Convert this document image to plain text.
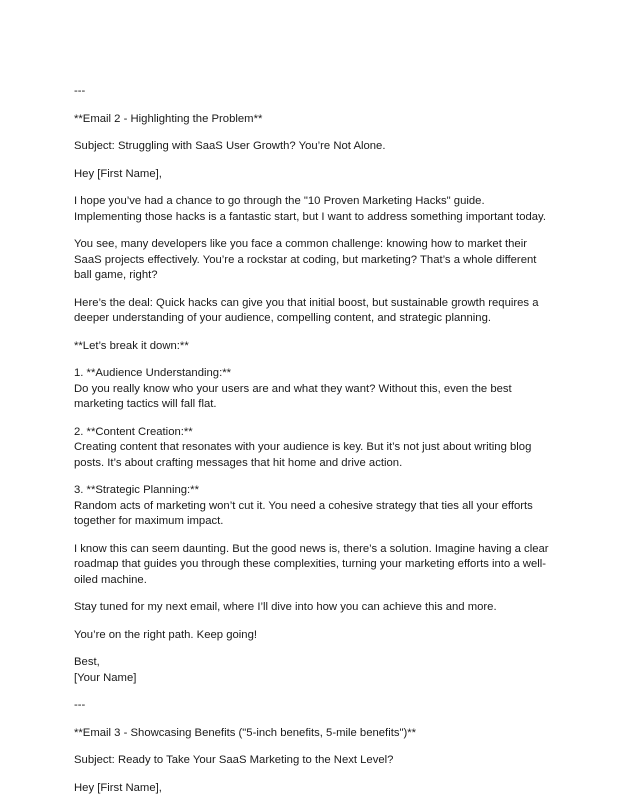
---

**Email 2 - Highlighting the Problem**

Subject: Struggling with SaaS User Growth? You’re Not Alone.

Hey [First Name],

I hope you’ve had a chance to go through the "10 Proven Marketing Hacks" guide.
Implementing those hacks is a fantastic start, but I want to address something important today.

You see, many developers like you face a common challenge: knowing how to market their
SaaS projects effectively. You’re a rockstar at coding, but marketing? That’s a whole different
ball game, right?

Here’s the deal: Quick hacks can give you that initial boost, but sustainable growth requires a
deeper understanding of your audience, compelling content, and strategic planning.

**Let’s break it down:**

1. **Audience Understanding:**
Do you really know who your users are and what they want? Without this, even the best
marketing tactics will fall flat.

2. **Content Creation:**
Creating content that resonates with your audience is key. But it’s not just about writing blog
posts. It’s about crafting messages that hit home and drive action.

3. **Strategic Planning:**
Random acts of marketing won’t cut it. You need a cohesive strategy that ties all your efforts
together for maximum impact.

I know this can seem daunting. But the good news is, there’s a solution. Imagine having a clear
roadmap that guides you through these complexities, turning your marketing efforts into a well-
oiled machine.

Stay tuned for my next email, where I’ll dive into how you can achieve this and more.

You’re on the right path. Keep going!

Best,
[Your Name]

---

**Email 3 - Showcasing Benefits ("5-inch benefits, 5-mile benefits")**

Subject: Ready to Take Your SaaS Marketing to the Next Level?

Hey [First Name],
